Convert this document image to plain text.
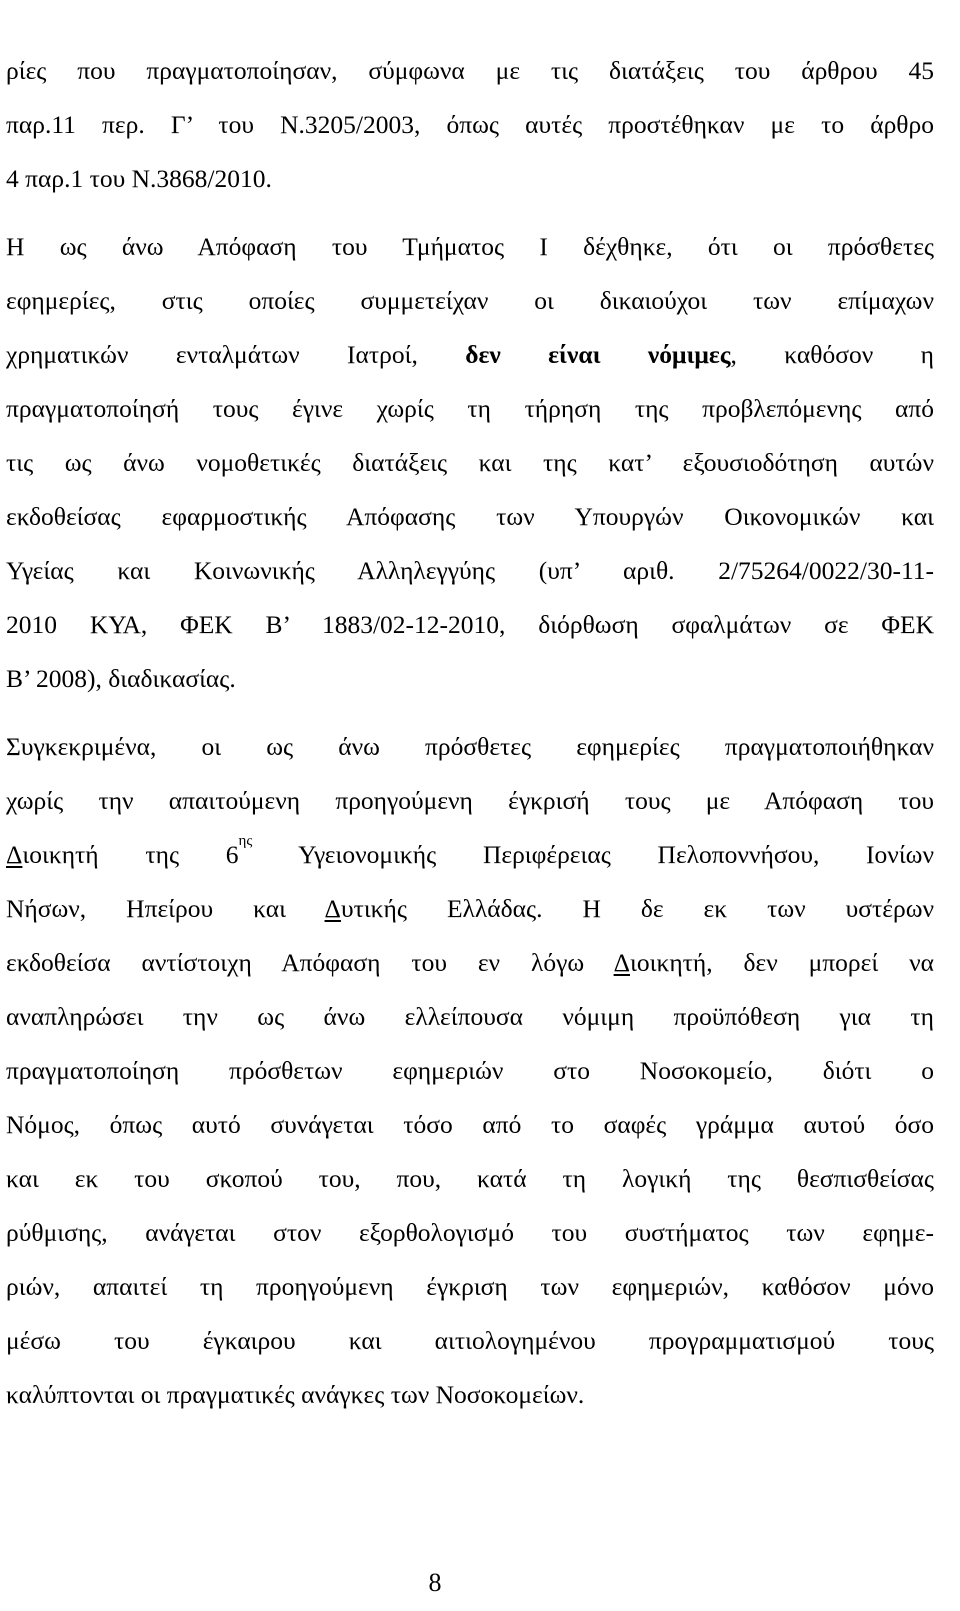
ρίες που πραγματοποίησαν, σύμφωνα με τις διατάξεις του άρθρου 45
παρ.11 περ. Γ’ του Ν.3205/2003, όπως αυτές προστέθηκαν με το άρθρο
4 παρ.1 του Ν.3868/2010.
Η ως άνω Απόφαση του Τμήματος Ι δέχθηκε, ότι οι πρόσθετες
εφημερίες, στις οποίες συμμετείχαν οι δικαιούχοι των επίμαχων
χρηματικών ενταλμάτων Ιατροί, δεν είναι νόμιμες, καθόσον η
πραγματοποίησή τους έγινε χωρίς τη τήρηση της προβλεπόμενης από
τις ως άνω νομοθετικές διατάξεις και της κατ’ εξουσιοδότηση αυτών
εκδοθείσας εφαρμοστικής Απόφασης των Υπουργών Οικονομικών και
Υγείας και Κοινωνικής Αλληλεγγύης (υπ’ αριθ. 2/75264/0022/30-11-
2010 ΚΥΑ, ΦΕΚ Β’ 1883/02-12-2010, διόρθωση σφαλμάτων σε ΦΕΚ
Β’ 2008), διαδικασίας.
Συγκεκριμένα, οι ως άνω πρόσθετες εφημερίες πραγματοποιήθηκαν
χωρίς την απαιτούμενη προηγούμενη έγκρισή τους με Απόφαση του
Διοικητή της $6^{\eta\varsigma}$ Υγειονομικής Περιφέρειας Πελοποννήσου, Ιονίων
Νήσων, Ηπείρου και Δυτικής Ελλάδας. Η δε εκ των υστέρων
εκδοθείσα αντίστοιχη Απόφαση του εν λόγω Διοικητή, δεν μπορεί να
αναπληρώσει την ως άνω ελλείπουσα νόμιμη προϋπόθεση για τη
πραγματοποίηση πρόσθετων εφημεριών στο Νοσοκομείο, διότι ο
Νόμος, όπως αυτό συνάγεται τόσο από το σαφές γράμμα αυτού όσο
και εκ του σκοπού του, που, κατά τη λογική της θεσπισθείσας
ρύθμισης, ανάγεται στον εξορθολογισμό του συστήματος των εφημε-
ριών, απαιτεί τη προηγούμενη έγκριση των εφημεριών, καθόσον μόνο
μέσω του έγκαιρου και αιτιολογημένου προγραμματισμού τους
καλύπτονται οι πραγματικές ανάγκες των Νοσοκομείων.
8
